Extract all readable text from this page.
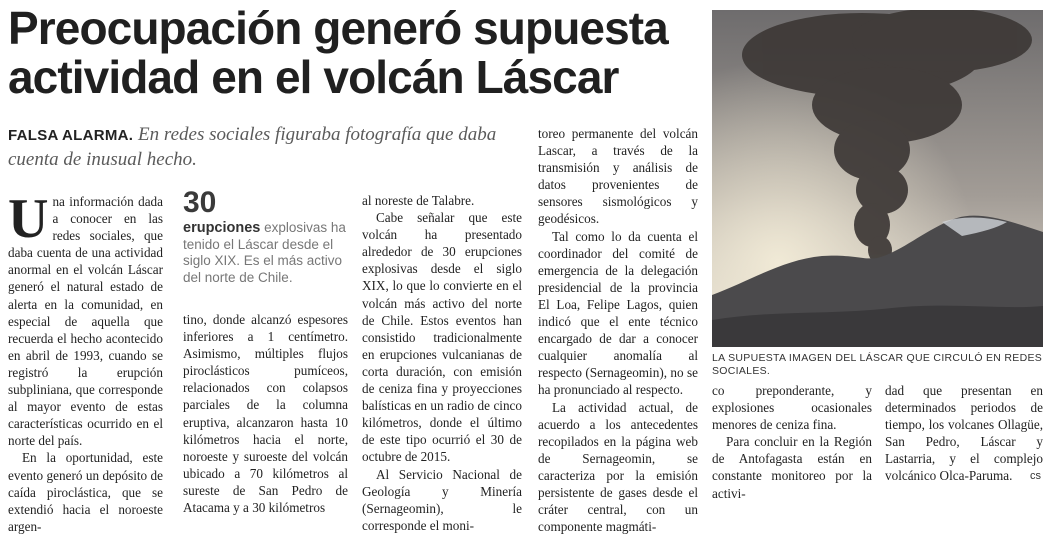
Preocupación generó supuesta actividad en el volcán Láscar
FALSA ALARMA. En redes sociales figuraba fotografía que daba cuenta de inusual hecho.

Una información dada a conocer en las redes sociales, que daba cuenta de una actividad anormal en el volcán Láscar generó el natural estado de alerta en la comunidad, en especial de aquella que recuerda el hecho acontecido en abril de 1993, cuando se registró la erupción subpliniana, que corresponde al mayor evento de estas características ocurrido en el norte del país.

En la oportunidad, este evento generó un depósito de caída piroclástica, que se extendió hacia el noroeste argen-

30
erupciones explosivas ha tenido el Láscar desde el siglo XIX. Es el más activo del norte de Chile.

tino, donde alcanzó espesores inferiores a 1 centímetro. Asimismo, múltiples flujos piroclásticos pumíceos, relacionados con colapsos parciales de la columna eruptiva, alcanzaron hasta 10 kilómetros hacia el norte, noroeste y suroeste del volcán ubicado a 70 kilómetros al sureste de San Pedro de Atacama y a 30 kilómetros

al noreste de Talabre.

Cabe señalar que este volcán ha presentado alrededor de 30 erupciones explosivas desde el siglo XIX, lo que lo convierte en el volcán más activo del norte de Chile. Estos eventos han consistido tradicionalmente en erupciones vulcanianas de corta duración, con emisión de ceniza fina y proyecciones balísticas en un radio de cinco kilómetros, donde el último de este tipo ocurrió el 30 de octubre de 2015.

Al Servicio Nacional de Geología y Minería (Sernageomin), le corresponde el moni-

toreo permanente del volcán Lascar, a través de la transmisión y análisis de datos provenientes de sensores sismológicos y geodésicos.

Tal como lo da cuenta el coordinador del comité de emergencia de la delegación presidencial de la provincia El Loa, Felipe Lagos, quien indicó que el ente técnico encargado de dar a conocer cualquier anomalía al respecto (Sernageomin), no se ha pronunciado al respecto.

La actividad actual, de acuerdo a los antecedentes recopilados en la página web de Sernageomin, se caracteriza por la emisión persistente de gases desde el cráter central, con un componente magmáti-

LA SUPUESTA IMAGEN DEL LÁSCAR QUE CIRCULÓ EN REDES SOCIALES.

co preponderante, y explosiones ocasionales menores de ceniza fina.

Para concluir en la Región de Antofagasta están en constante monitoreo por la activi-

dad que presentan en determinados periodos de tiempo, los volcanes Ollagüe, San Pedro, Láscar y Lastarria, y el complejo volcánico Olca-Paruma.	cs
